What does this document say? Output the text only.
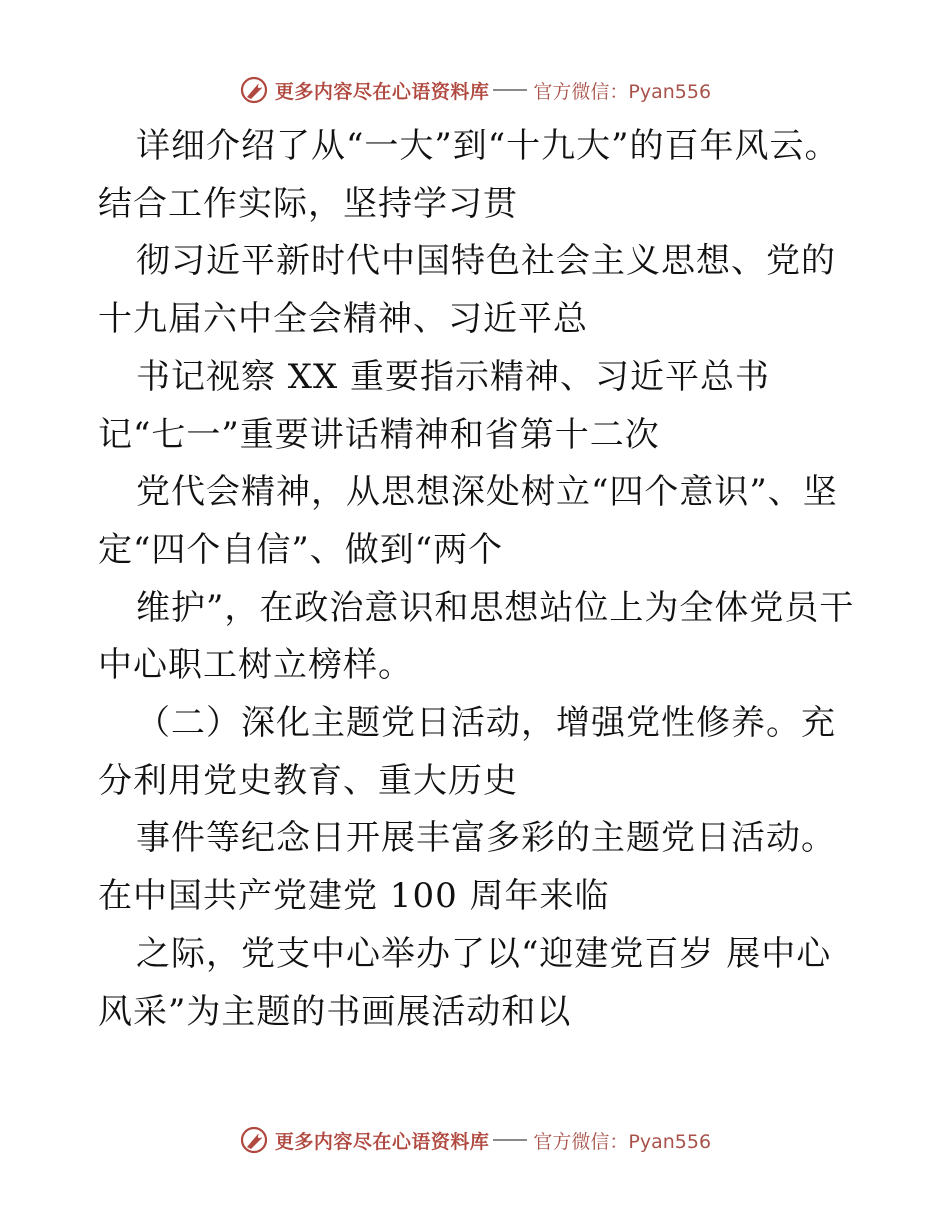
更多内容尽在心语资料库 官方微信：Pyan556

详细介绍了从“一大”到“十九大”的百年风云。结合工作实际，坚持学习贯

彻习近平新时代中国特色社会主义思想、党的十九届六中全会精神、习近平总

书记视察 XX 重要指示精神、习近平总书记“七一”重要讲话精神和省第十二次

党代会精神，从思想深处树立“四个意识”、坚定“四个自信”、做到“两个

维护”，在政治意识和思想站位上为全体党员干中心职工树立榜样。

（二）深化主题党日活动，增强党性修养。充分利用党史教育、重大历史

事件等纪念日开展丰富多彩的主题党日活动。在中国共产党建党 100 周年来临

之际，党支中心举办了以“迎建党百岁 展中心风采”为主题的书画展活动和以

更多内容尽在心语资料库 官方微信：Pyan556
